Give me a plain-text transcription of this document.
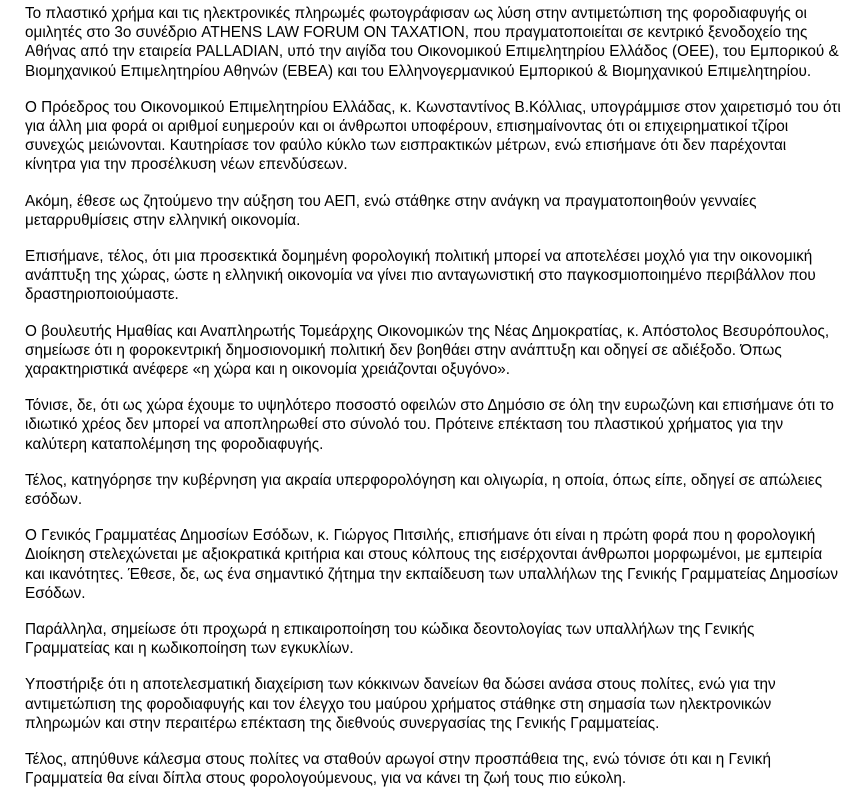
Το πλαστικό χρήμα και τις ηλεκτρονικές πληρωμές φωτογράφισαν ως λύση στην αντιμετώπιση της φοροδιαφυγής οι ομιλητές στο 3ο συνέδριο ATHENS LAW FORUM ON TAXATION, που πραγματοποιείται σε κεντρικό ξενοδοχείο της Αθήνας από την εταιρεία PALLADIAN, υπό την αιγίδα του Οικονομικού Επιμελητηρίου Ελλάδος (ΟΕΕ), του Εμπορικού & Βιομηχανικού Επιμελητηρίου Αθηνών (ΕΒΕΑ) και του Ελληνογερμανικού Εμπορικού & Βιομηχανικού Επιμελητηρίου.

Ο Πρόεδρος του Οικονομικού Επιμελητηρίου Ελλάδας, κ. Κωνσταντίνος Β.Κόλλιας, υπογράμμισε στον χαιρετισμό του ότι για άλλη μια φορά οι αριθμοί ευημερούν και οι άνθρωποι υποφέρουν, επισημαίνοντας ότι οι επιχειρηματικοί τζίροι συνεχώς μειώνονται. Καυτηρίασε τον φαύλο κύκλο των εισπρακτικών μέτρων, ενώ επισήμανε ότι δεν παρέχονται κίνητρα για την προσέλκυση νέων επενδύσεων.

Ακόμη, έθεσε ως ζητούμενο την αύξηση του ΑΕΠ, ενώ στάθηκε στην ανάγκη να πραγματοποιηθούν γενναίες μεταρρυθμίσεις στην ελληνική οικονομία.

Επισήμανε, τέλος, ότι μια προσεκτικά δομημένη φορολογική πολιτική μπορεί να αποτελέσει μοχλό για την οικονομική ανάπτυξη της χώρας, ώστε η ελληνική οικονομία να γίνει πιο ανταγωνιστική στο παγκοσμιοποιημένο περιβάλλον που δραστηριοποιούμαστε.

Ο βουλευτής Ημαθίας και Αναπληρωτής Τομεάρχης Οικονομικών της Νέας Δημοκρατίας, κ. Απόστολος Βεσυρόπουλος, σημείωσε ότι η φοροκεντρική δημοσιονομική πολιτική δεν βοηθάει στην ανάπτυξη και οδηγεί σε αδιέξοδο. Όπως χαρακτηριστικά ανέφερε «η χώρα και η οικονομία χρειάζονται οξυγόνο».

Τόνισε, δε, ότι ως χώρα έχουμε το υψηλότερο ποσοστό οφειλών στο Δημόσιο σε όλη την ευρωζώνη και επισήμανε ότι το ιδιωτικό χρέος δεν μπορεί να αποπληρωθεί στο σύνολό του. Πρότεινε επέκταση του πλαστικού χρήματος για την καλύτερη καταπολέμηση της φοροδιαφυγής.

Τέλος, κατηγόρησε την κυβέρνηση για ακραία υπερφορολόγηση και ολιγωρία, η οποία, όπως είπε, οδηγεί σε απώλειες εσόδων.

Ο Γενικός Γραμματέας Δημοσίων Εσόδων, κ. Γιώργος Πιτσιλής, επισήμανε ότι είναι η πρώτη φορά που η φορολογική Διοίκηση στελεχώνεται με αξιοκρατικά κριτήρια και στους κόλπους της εισέρχονται άνθρωποι μορφωμένοι, με εμπειρία και ικανότητες. Έθεσε, δε, ως ένα σημαντικό ζήτημα την εκπαίδευση των υπαλλήλων της Γενικής Γραμματείας Δημοσίων Εσόδων.

Παράλληλα, σημείωσε ότι προχωρά η επικαιροποίηση του κώδικα δεοντολογίας των υπαλλήλων της Γενικής Γραμματείας και η κωδικοποίηση των εγκυκλίων.

Υποστήριξε ότι η αποτελεσματική διαχείριση των κόκκινων δανείων θα δώσει ανάσα στους πολίτες, ενώ για την αντιμετώπιση της φοροδιαφυγής και τον έλεγχο του μαύρου χρήματος στάθηκε στη σημασία των ηλεκτρονικών πληρωμών και στην περαιτέρω επέκταση της διεθνούς συνεργασίας της Γενικής Γραμματείας.

Τέλος, απηύθυνε κάλεσμα στους πολίτες να σταθούν αρωγοί στην προσπάθεια της, ενώ τόνισε ότι και η Γενική Γραμματεία θα είναι δίπλα στους φορολογούμενους, για να κάνει τη ζωή τους πιο εύκολη.
